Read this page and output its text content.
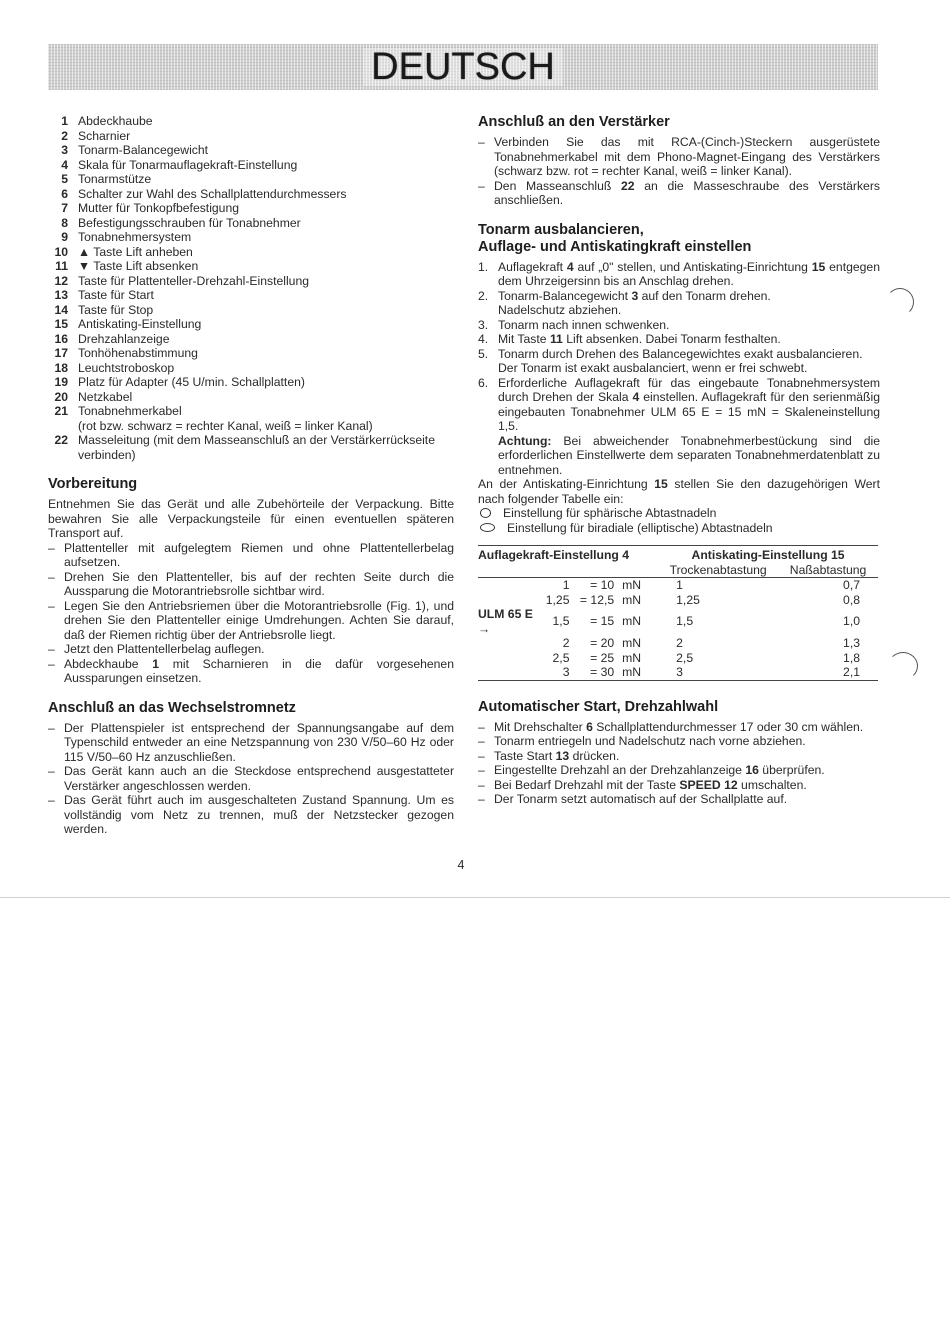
DEUTSCH
1 Abdeckhaube
2 Scharnier
3 Tonarm-Balancegewicht
4 Skala für Tonarmauflagekraft-Einstellung
5 Tonarmstütze
6 Schalter zur Wahl des Schallplattendurchmessers
7 Mutter für Tonkopfbefestigung
8 Befestigungsschrauben für Tonabnehmer
9 Tonabnehmersystem
10 ▲ Taste Lift anheben
11 ▼ Taste Lift absenken
12 Taste für Plattenteller-Drehzahl-Einstellung
13 Taste für Start
14 Taste für Stop
15 Antiskating-Einstellung
16 Drehzahlanzeige
17 Tonhöhenabstimmung
18 Leuchtstroboskop
19 Platz für Adapter (45 U/min. Schallplatten)
20 Netzkabel
21 Tonabnehmerkabel
(rot bzw. schwarz = rechter Kanal, weiß = linker Kanal)
22 Masseleitung (mit dem Masseanschluß an der Verstärkerrückseite verbinden)
Vorbereitung

Entnehmen Sie das Gerät und alle Zubehörteile der Verpackung. Bitte bewahren Sie alle Verpackungsteile für einen eventuellen späteren Transport auf.

– Plattenteller mit aufgelegtem Riemen und ohne Plattentellerbelag aufsetzen.
– Drehen Sie den Plattenteller, bis auf der rechten Seite durch die Aussparung die Motorantriebsrolle sichtbar wird.
– Legen Sie den Antriebsriemen über die Motorantriebsrolle (Fig. 1), und drehen Sie den Plattenteller einige Umdrehungen. Achten Sie darauf, daß der Riemen richtig über der Antriebsrolle liegt.
– Jetzt den Plattentellerbelag auflegen.
– Abdeckhaube 1 mit Scharnieren in die dafür vorgesehenen Aussparungen einsetzen.
Anschluß an das Wechselstromnetz
– Der Plattenspieler ist entsprechend der Spannungsangabe auf dem Typenschild entweder an eine Netzspannung von 230 V/50–60 Hz oder 115 V/50–60 Hz anzuschließen.
– Das Gerät kann auch an die Steckdose entsprechend ausgestatteter Verstärker angeschlossen werden.
– Das Gerät führt auch im ausgeschalteten Zustand Spannung. Um es vollständig vom Netz zu trennen, muß der Netzstecker gezogen werden.
Anschluß an den Verstärker
– Verbinden Sie das mit RCA-(Cinch-)Steckern ausgerüstete Tonabnehmerkabel mit dem Phono-Magnet-Eingang des Verstärkers (schwarz bzw. rot = rechter Kanal, weiß = linker Kanal).
– Den Masseanschluß 22 an die Masseschraube des Verstärkers anschließen.
Tonarm ausbalancieren,
Auflage- und Antiskatingkraft einstellen
1. Auflagekraft 4 auf „0" stellen, und Antiskating-Einrichtung 15 entgegen dem Uhrzeigersinn bis an Anschlag drehen.
2. Tonarm-Balancegewicht 3 auf den Tonarm drehen.
Nadelschutz abziehen.
3. Tonarm nach innen schwenken.
4. Mit Taste 11 Lift absenken. Dabei Tonarm festhalten.
5. Tonarm durch Drehen des Balancegewichtes exakt ausbalancieren.
Der Tonarm ist exakt ausbalanciert, wenn er frei schwebt.
6. Erforderliche Auflagekraft für das eingebaute Tonabnehmersystem durch Drehen der Skala 4 einstellen. Auflagekraft für den serienmäßig eingebauten Tonabnehmer ULM 65 E = 15 mN = Skaleneinstellung 1,5.
Achtung: Bei abweichender Tonabnehmerbestückung sind die erforderlichen Einstellwerte dem separaten Tonabnehmerdatenblatt zu entnehmen.

An der Antiskating-Einrichtung 15 stellen Sie den dazugehörigen Wert nach folgender Tabelle ein:

Einstellung für sphärische Abtastnadeln
Einstellung für biradiale (elliptische) Abtastnadeln
Auflagekraft-Einstellung 4				Antiskating-Einstellung 15	
				Trockenabtastung	Naßabtastung
	1	= 10	mN	1	0,7
	1,25	= 12,5	mN	1,25	0,8
ULM 65 E →	1,5	= 15	mN	1,5	1,0
	2	= 20	mN	2	1,3
	2,5	= 25	mN	2,5	1,8
	3	= 30	mN	3	2,1
Automatischer Start, Drehzahlwahl
– Mit Drehschalter 6 Schallplattendurchmesser 17 oder 30 cm wählen.
– Tonarm entriegeln und Nadelschutz nach vorne abziehen.
– Taste Start 13 drücken.
– Eingestellte Drehzahl an der Drehzahlanzeige 16 überprüfen.
– Bei Bedarf Drehzahl mit der Taste SPEED 12 umschalten.
– Der Tonarm setzt automatisch auf der Schallplatte auf.
4
